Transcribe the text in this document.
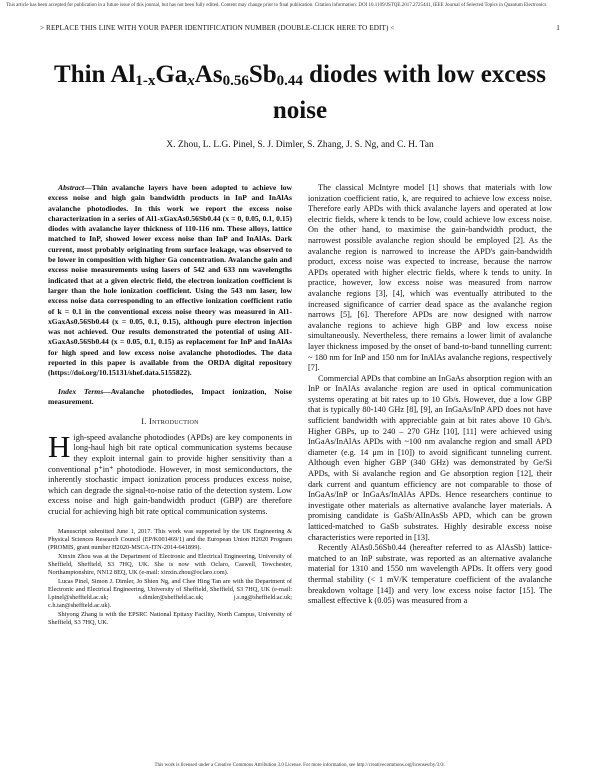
This article has been accepted for publication in a future issue of this journal, but has not been fully edited. Content may change prior to final publication. Citation information: DOI 10.1109/JSTQE.2017.2725441, IEEE Journal of Selected Topics in Quantum Electronics
> REPLACE THIS LINE WITH YOUR PAPER IDENTIFICATION NUMBER (DOUBLE-CLICK HERE TO EDIT) <	1
Thin $Al_{1-x}Ga_xAs_{0.56}Sb_{0.44}$ diodes with low excess noise
X. Zhou, L. L.G. Pinel, S. J. Dimler, S. Zhang, J. S. Ng, and C. H. Tan

Abstract—Thin avalanche layers have been adopted to achieve low excess noise and high gain bandwidth products in InP and InAlAs avalanche photodiodes. In this work we report the excess noise characterization in a series of Al1-xGaxAs0.56Sb0.44 (x = 0, 0.05, 0.1, 0.15) diodes with avalanche layer thickness of 110-116 nm. These alloys, lattice matched to InP, showed lower excess noise than InP and InAlAs. Dark current, most probably originating from surface leakage, was observed to be lower in composition with higher Ga concentration. Avalanche gain and excess noise measurements using lasers of 542 and 633 nm wavelengths indicated that at a given electric field, the electron ionization coefficient is larger than the hole ionization coefficient. Using the 543 nm laser, low excess noise data corresponding to an effective ionization coefficient ratio of k = 0.1 in the conventional excess noise theory was measured in Al1-xGaxAs0.56Sb0.44 (x = 0.05, 0.1, 0.15), although pure electron injection was not achieved. Our results demonstrated the potential of using Al1-xGaxAs0.56Sb0.44 (x = 0.05, 0.1, 0.15) as replacement for InP and InAlAs for high speed and low excess noise avalanche photodiodes. The data reported in this paper is available from the ORDA digital repository (https://doi.org/10.15131/shef.data.5155822).

Index Terms—Avalanche photodiodes, Impact ionization, Noise measurement.

I. Introduction
High-speed avalanche photodiodes (APDs) are key components in long-haul high bit rate optical communication systems because they exploit internal gain to provide higher sensitivity than a conventional p⁺in⁺ photodiode. However, in most semiconductors, the inherently stochastic impact ionization process produces excess noise, which can degrade the signal-to-noise ratio of the detection system. Low excess noise and high gain-bandwidth product (GBP) are therefore crucial for achieving high bit rate optical communication systems.

Manuscript submitted June 1, 2017. This work was supported by the UK Engineering & Physical Sciences Research Council (EP/K001469/1) and the European Union H2020 Program (PROMIS, grant number H2020-MSCA-ITN-2014-641899).

Xinxin Zhou was at the Department of Electronic and Electrical Engineering, University of Sheffield, Sheffield, S3 7HQ, UK. She is now with Oclaro, Caswell, Towchester, Northamptonshire, NN12 8EQ, UK (e-mail: xinxin.zhou@oclaro.com).

Lucas Pinel, Simon J. Dimler, Jo Shien Ng, and Chee Hing Tan are with the Department of Electronic and Electrical Engineering, University of Sheffield, Sheffield, S3 7HQ, UK (e-mail: l.pinel@sheffield.ac.uk; s.dimler@sheffield.ac.uk; j.s.ng@sheffield.ac.uk; c.h.tan@sheffield.ac.uk).

Shiyong Zhang is with the EPSRC National Epitaxy Facility, North Campus, University of Sheffield, S3 7HQ, UK.

The classical McIntyre model [1] shows that materials with low ionization coefficient ratio, k, are required to achieve low excess noise. Therefore early APDs with thick avalanche layers and operated at low electric fields, where k tends to be low, could achieve low excess noise. On the other hand, to maximise the gain-bandwidth product, the narrowest possible avalanche region should be employed [2]. As the avalanche region is narrowed to increase the APD's gain-bandwidth product, excess noise was expected to increase, because the narrow APDs operated with higher electric fields, where k tends to unity. In practice, however, low excess noise was measured from narrow avalanche regions [3], [4], which was eventually attributed to the increased significance of carrier dead space as the avalanche region narrows [5], [6]. Therefore APDs are now designed with narrow avalanche regions to achieve high GBP and low excess noise simultaneously. Nevertheless, there remains a lower limit of avalanche layer thickness imposed by the onset of band-to-band tunnelling current: ~ 180 nm for InP and 150 nm for InAlAs avalanche regions, respectively [7].

Commercial APDs that combine an InGaAs absorption region with an InP or InAlAs avalanche region are used in optical communication systems operating at bit rates up to 10 Gb/s. However, due a low GBP that is typically 80-140 GHz [8], [9], an InGaAs/InP APD does not have sufficient bandwidth with appreciable gain at bit rates above 10 Gb/s. Higher GBPs, up to 240 – 270 GHz [10], [11] were achieved using InGaAs/InAlAs APDs with ~100 nm avalanche region and small APD diameter (e.g. 14 μm in [10]) to avoid significant tunneling current. Although even higher GBP (340 GHz) was demonstrated by Ge/Si APDs, with Si avalanche region and Ge absorption region [12], their dark current and quantum efficiency are not comparable to those of InGaAs/InP or InGaAs/InAlAs APDs. Hence researchers continue to investigate other materials as alternative avalanche layer materials. A promising candidate is GaSb/AlInAsSb APD, which can be grown latticed-matched to GaSb substrates. Highly desirable excess noise characteristics were reported in [13].

Recently AlAs0.56Sb0.44 (hereafter referred to as AlAsSb) lattice-matched to an InP substrate, was reported as an alternative avalanche material for 1310 and 1550 nm wavelength APDs. It offers very good thermal stability (< 1 mV/K temperature coefficient of the avalanche breakdown voltage [14]) and very low excess noise factor [15]. The smallest effective k (0.05) was measured from a

This work is licensed under a Creative Commons Attribution 3.0 License. For more information, see http://creativecommons.org/licenses/by/3.0/.
